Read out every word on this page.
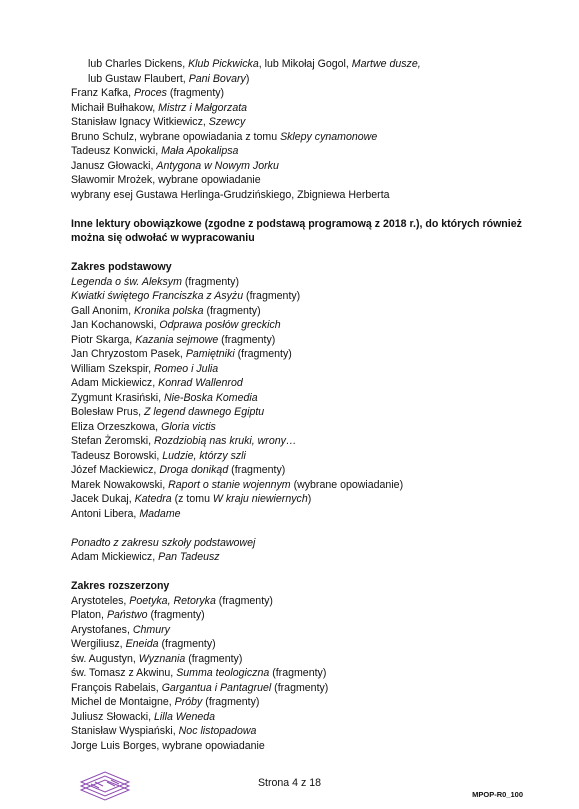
lub Charles Dickens, Klub Pickwicka, lub Mikołaj Gogol, Martwe dusze,
lub Gustaw Flaubert, Pani Bovary)
Franz Kafka, Proces (fragmenty)
Michaił Bułhakow, Mistrz i Małgorzata
Stanisław Ignacy Witkiewicz, Szewcy
Bruno Schulz, wybrane opowiadania z tomu Sklepy cynamonowe
Tadeusz Konwicki, Mała Apokalipsa
Janusz Głowacki, Antygona w Nowym Jorku
Sławomir Mrożek, wybrane opowiadanie
wybrany esej Gustawa Herlinga-Grudzińskiego, Zbigniewa Herberta
Inne lektury obowiązkowe (zgodne z podstawą programową z 2018 r.), do których również można się odwołać w wypracowaniu
Zakres podstawowy
Legenda o św. Aleksym (fragmenty)
Kwiatki świętego Franciszka z Asyżu (fragmenty)
Gall Anonim, Kronika polska (fragmenty)
Jan Kochanowski, Odprawa posłów greckich
Piotr Skarga, Kazania sejmowe (fragmenty)
Jan Chryzostom Pasek, Pamiętniki (fragmenty)
William Szekspir, Romeo i Julia
Adam Mickiewicz, Konrad Wallenrod
Zygmunt Krasiński, Nie-Boska Komedia
Bolesław Prus, Z legend dawnego Egiptu
Eliza Orzeszkowa, Gloria victis
Stefan Żeromski, Rozdziobią nas kruki, wrony…
Tadeusz Borowski, Ludzie, którzy szli
Józef Mackiewicz, Droga donikąd (fragmenty)
Marek Nowakowski, Raport o stanie wojennym (wybrane opowiadanie)
Jacek Dukaj, Katedra (z tomu W kraju niewiernych)
Antoni Libera, Madame
Ponadto z zakresu szkoły podstawowej
Adam Mickiewicz, Pan Tadeusz
Zakres rozszerzony
Arystoteles, Poetyka, Retoryka (fragmenty)
Platon, Państwo (fragmenty)
Arystofanes, Chmury
Wergiliusz, Eneida (fragmenty)
św. Augustyn, Wyznania (fragmenty)
św. Tomasz z Akwinu, Summa teologiczna (fragmenty)
François Rabelais, Gargantua i Pantagruel (fragmenty)
Michel de Montaigne, Próby (fragmenty)
Juliusz Słowacki, Lilla Weneda
Stanisław Wyspiański, Noc listopadowa
Jorge Luis Borges, wybrane opowiadanie
Strona 4 z 18
MPOP-R0_100
